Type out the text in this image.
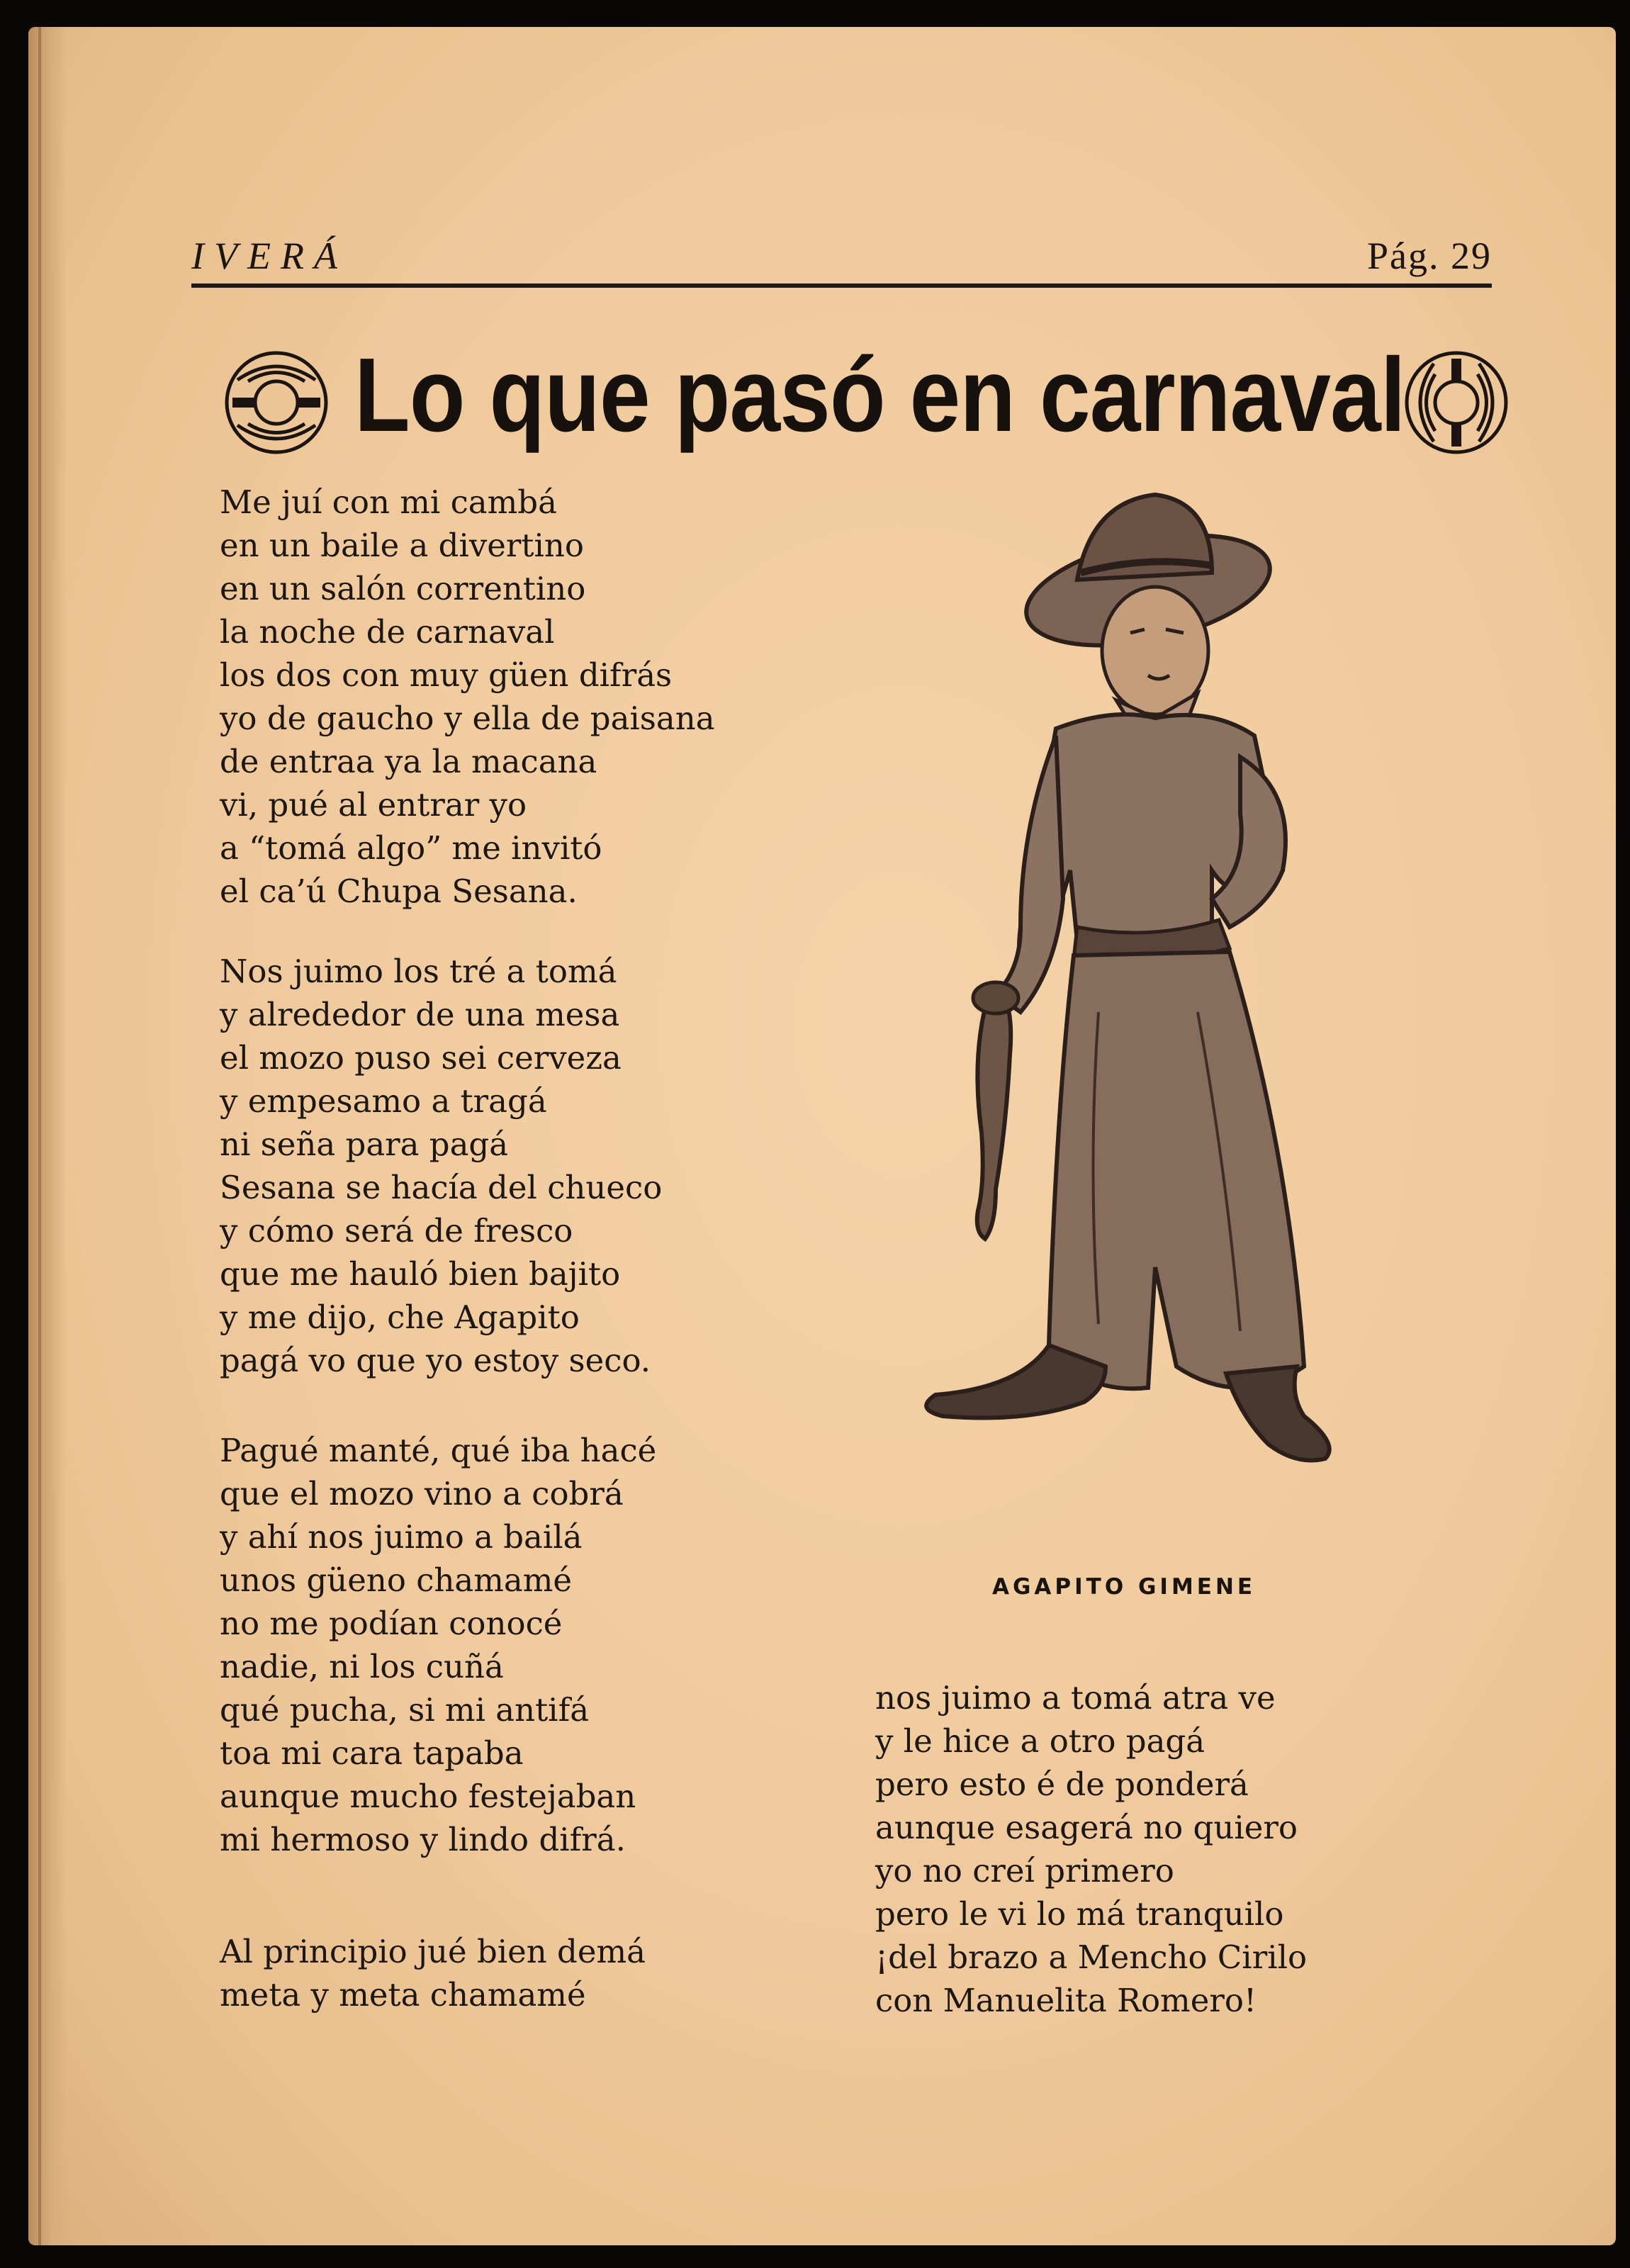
IVERÁ	Pág. 29
Lo que pasó en carnaval
Me juí con mi cambá
en un baile a divertino
en un salón correntino
la noche de carnaval
los dos con muy güen difrás
yo de gaucho y ella de paisana
de entraa ya la macana
vi, pué al entrar yo
a “tomá algo” me invitó
el ca’ú Chupa Sesana.
Nos juimo los tré a tomá
y alrededor de una mesa
el mozo puso sei cerveza
y empesamo a tragá
ni seña para pagá
Sesana se hacía del chueco
y cómo será de fresco
que me hauló bien bajito
y me dijo, che Agapito
pagá vo que yo estoy seco.
Pagué manté, qué iba hacé
que el mozo vino a cobrá
y ahí nos juimo a bailá
unos güeno chamamé
no me podían conocé
nadie, ni los cuñá
qué pucha, si mi antifá
toa mi cara tapaba
aunque mucho festejaban
mi hermoso y lindo difrá.
Al principio jué bien demá
meta y meta chamamé
nos juimo a tomá atra ve
y le hice a otro pagá
pero esto é de ponderá
aunque esagerá no quiero
yo no creí primero
pero le vi lo má tranquilo
¡del brazo a Mencho Cirilo
con Manuelita Romero!
AGAPITO GIMENE
